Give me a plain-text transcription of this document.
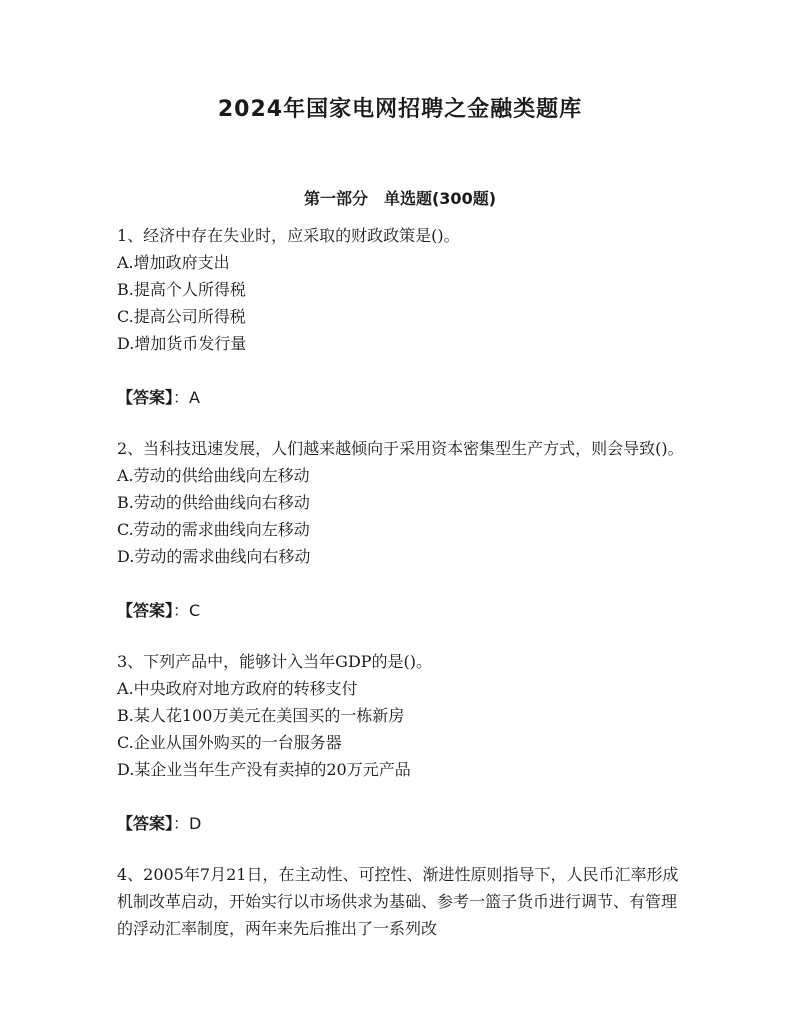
2024年国家电网招聘之金融类题库
第一部分　单选题(300题)

1、经济中存在失业时，应采取的财政政策是()。

A.增加政府支出

B.提高个人所得税

C.提高公司所得税

D.增加货币发行量

【答案】：A

2、当科技迅速发展，人们越来越倾向于采用资本密集型生产方式，则会导致()。

A.劳动的供给曲线向左移动

B.劳动的供给曲线向右移动

C.劳动的需求曲线向左移动

D.劳动的需求曲线向右移动

【答案】：C

3、下列产品中，能够计入当年GDP的是()。

A.中央政府对地方政府的转移支付

B.某人花100万美元在美国买的一栋新房

C.企业从国外购买的一台服务器

D.某企业当年生产没有卖掉的20万元产品

【答案】：D

4、2005年7月21日，在主动性、可控性、渐进性原则指导下，人民币汇率形成机制改革启动，开始实行以市场供求为基础、参考一篮子货币进行调节、有管理的浮动汇率制度，两年来先后推出了一系列改
